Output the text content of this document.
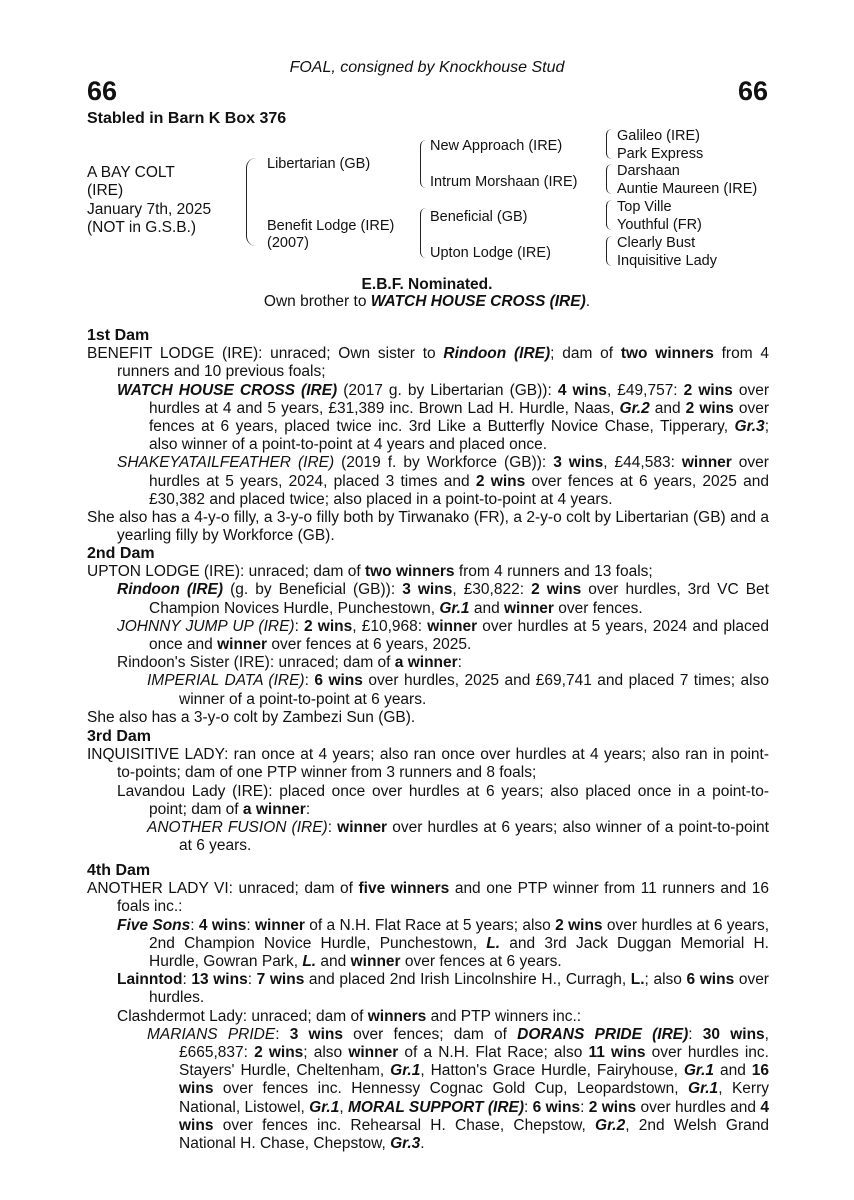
FOAL, consigned by Knockhouse Stud
66	66
Stabled in Barn K Box 376
A BAY COLT
(IRE)
January 7th, 2025
(NOT in G.S.B.)
Libertarian (GB)
Benefit Lodge (IRE)
(2007)
New Approach (IRE)
Intrum Morshaan (IRE)
Beneficial (GB)
Upton Lodge (IRE)
Galileo (IRE)
Park Express
Darshaan
Auntie Maureen (IRE)
Top Ville
Youthful (FR)
Clearly Bust
Inquisitive Lady
E.B.F. Nominated.
Own brother to WATCH HOUSE CROSS (IRE).
1st Dam

BENEFIT LODGE (IRE): unraced; Own sister to Rindoon (IRE); dam of two winners from 4 runners and 10 previous foals;

WATCH HOUSE CROSS (IRE) (2017 g. by Libertarian (GB)): 4 wins, £49,757: 2 wins over hurdles at 4 and 5 years, £31,389 inc. Brown Lad H. Hurdle, Naas, Gr.2 and 2 wins over fences at 6 years, placed twice inc. 3rd Like a Butterfly Novice Chase, Tipperary, Gr.3; also winner of a point-to-point at 4 years and placed once.

SHAKEYATAILFEATHER (IRE) (2019 f. by Workforce (GB)): 3 wins, £44,583: winner over hurdles at 5 years, 2024, placed 3 times and 2 wins over fences at 6 years, 2025 and £30,382 and placed twice; also placed in a point-to-point at 4 years.

She also has a 4-y-o filly, a 3-y-o filly both by Tirwanako (FR), a 2-y-o colt by Libertarian (GB) and a yearling filly by Workforce (GB).

2nd Dam

UPTON LODGE (IRE): unraced; dam of two winners from 4 runners and 13 foals;

Rindoon (IRE) (g. by Beneficial (GB)): 3 wins, £30,822: 2 wins over hurdles, 3rd VC Bet Champion Novices Hurdle, Punchestown, Gr.1 and winner over fences.

JOHNNY JUMP UP (IRE): 2 wins, £10,968: winner over hurdles at 5 years, 2024 and placed once and winner over fences at 6 years, 2025.

Rindoon's Sister (IRE): unraced; dam of a winner:

IMPERIAL DATA (IRE): 6 wins over hurdles, 2025 and £69,741 and placed 7 times; also winner of a point-to-point at 6 years.

She also has a 3-y-o colt by Zambezi Sun (GB).

3rd Dam

INQUISITIVE LADY: ran once at 4 years; also ran once over hurdles at 4 years; also ran in point-to-points; dam of one PTP winner from 3 runners and 8 foals;

Lavandou Lady (IRE): placed once over hurdles at 6 years; also placed once in a point-to-point; dam of a winner:

ANOTHER FUSION (IRE): winner over hurdles at 6 years; also winner of a point-to-point at 6 years.

4th Dam

ANOTHER LADY VI: unraced; dam of five winners and one PTP winner from 11 runners and 16 foals inc.:

Five Sons: 4 wins: winner of a N.H. Flat Race at 5 years; also 2 wins over hurdles at 6 years, 2nd Champion Novice Hurdle, Punchestown, L. and 3rd Jack Duggan Memorial H. Hurdle, Gowran Park, L. and winner over fences at 6 years.

Lainntod: 13 wins: 7 wins and placed 2nd Irish Lincolnshire H., Curragh, L.; also 6 wins over hurdles.

Clashdermot Lady: unraced; dam of winners and PTP winners inc.:

MARIANS PRIDE: 3 wins over fences; dam of DORANS PRIDE (IRE): 30 wins, £665,837: 2 wins; also winner of a N.H. Flat Race; also 11 wins over hurdles inc. Stayers' Hurdle, Cheltenham, Gr.1, Hatton's Grace Hurdle, Fairyhouse, Gr.1 and 16 wins over fences inc. Hennessy Cognac Gold Cup, Leopardstown, Gr.1, Kerry National, Listowel, Gr.1, MORAL SUPPORT (IRE): 6 wins: 2 wins over hurdles and 4 wins over fences inc. Rehearsal H. Chase, Chepstow, Gr.2, 2nd Welsh Grand National H. Chase, Chepstow, Gr.3.
